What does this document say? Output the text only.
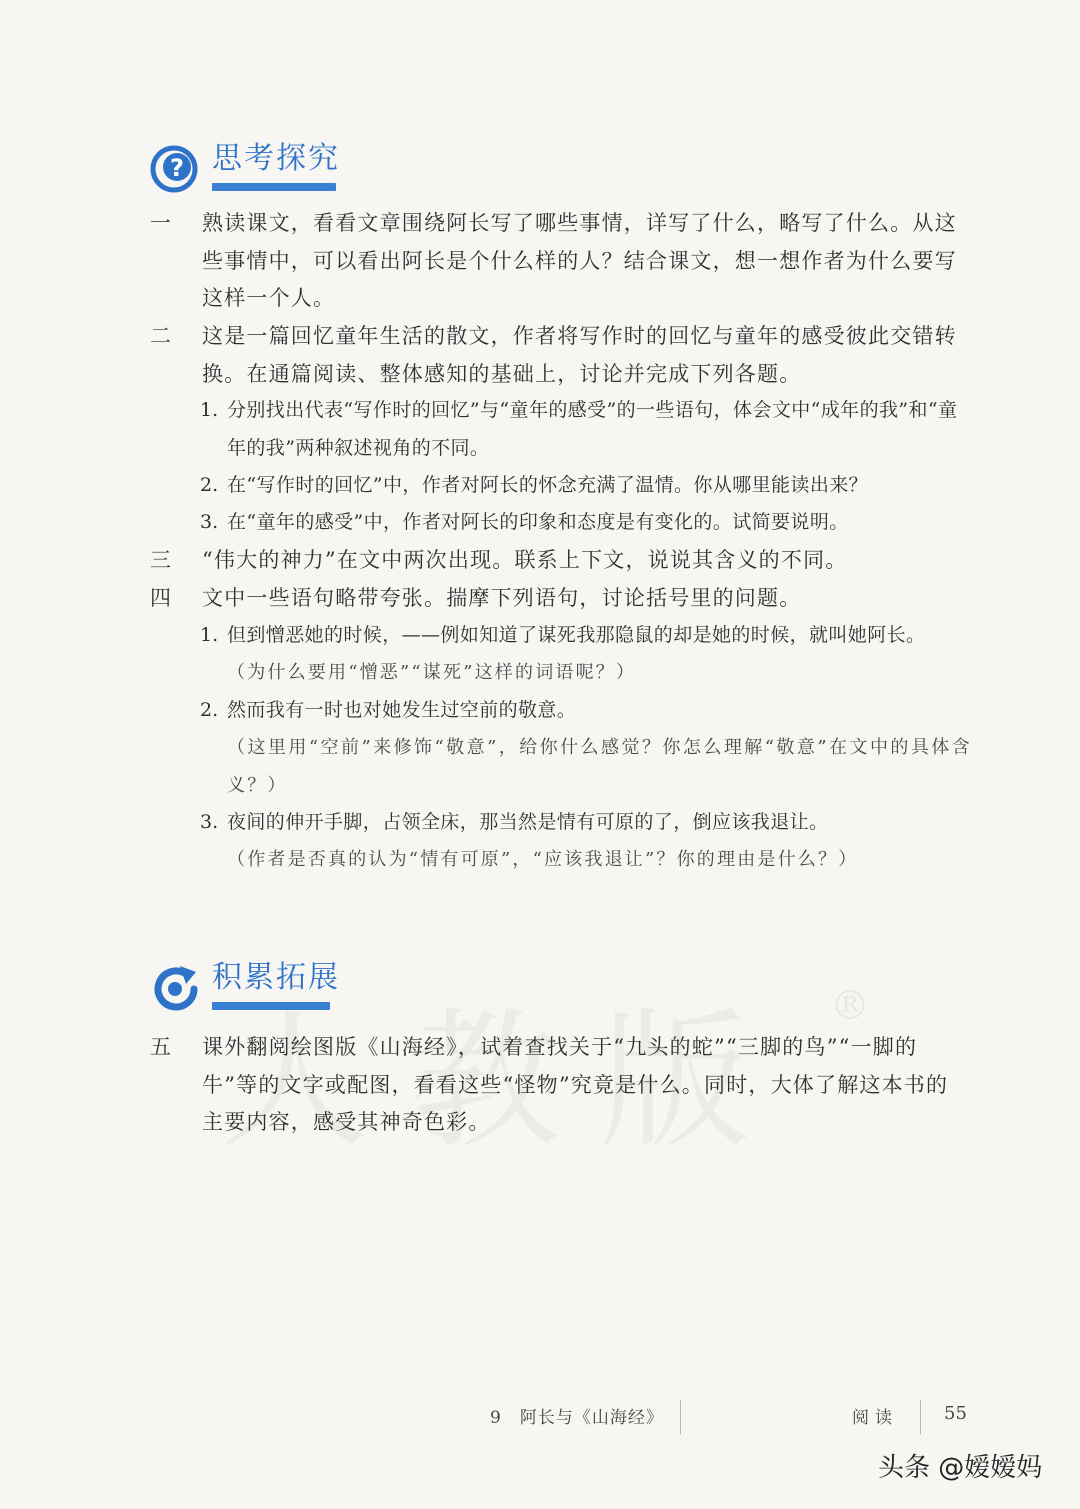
? 思考探究
一	熟读课文，看看文章围绕阿长写了哪些事情，详写了什么，略写了什么。从这些事情中，可以看出阿长是个什么样的人？结合课文，想一想作者为什么要写这样一个人。
二	这是一篇回忆童年生活的散文，作者将写作时的回忆与童年的感受彼此交错转换。在通篇阅读、整体感知的基础上，讨论并完成下列各题。
1. 分别找出代表“写作时的回忆”与“童年的感受”的一些语句，体会文中“成年的我”和“童年的我”两种叙述视角的不同。
2. 在“写作时的回忆”中，作者对阿长的怀念充满了温情。你从哪里能读出来？
3. 在“童年的感受”中，作者对阿长的印象和态度是有变化的。试简要说明。
三	“伟大的神力”在文中两次出现。联系上下文，说说其含义的不同。
四	文中一些语句略带夸张。揣摩下列语句，讨论括号里的问题。
1. 但到憎恶她的时候，——例如知道了谋死我那隐鼠的却是她的时候，就叫她阿长。
（为什么要用“憎恶”“谋死”这样的词语呢？）
2. 然而我有一时也对她发生过空前的敬意。
（这里用“空前”来修饰“敬意”，给你什么感觉？你怎么理解“敬意”在文中的具体含义？）
3. 夜间的伸开手脚，占领全床，那当然是情有可原的了，倒应该我退让。
（作者是否真的认为“情有可原”，“应该我退让”？你的理由是什么？）
®
积累拓展
五	课外翻阅绘图版《山海经》，试着查找关于“九头的蛇”“三脚的鸟”“一脚的牛”等的文字或配图，看看这些“怪物”究竟是什么。同时，大体了解这本书的主要内容，感受其神奇色彩。
9　阿长与《山海经》	阅读	55
头条 @嫒嫒妈
